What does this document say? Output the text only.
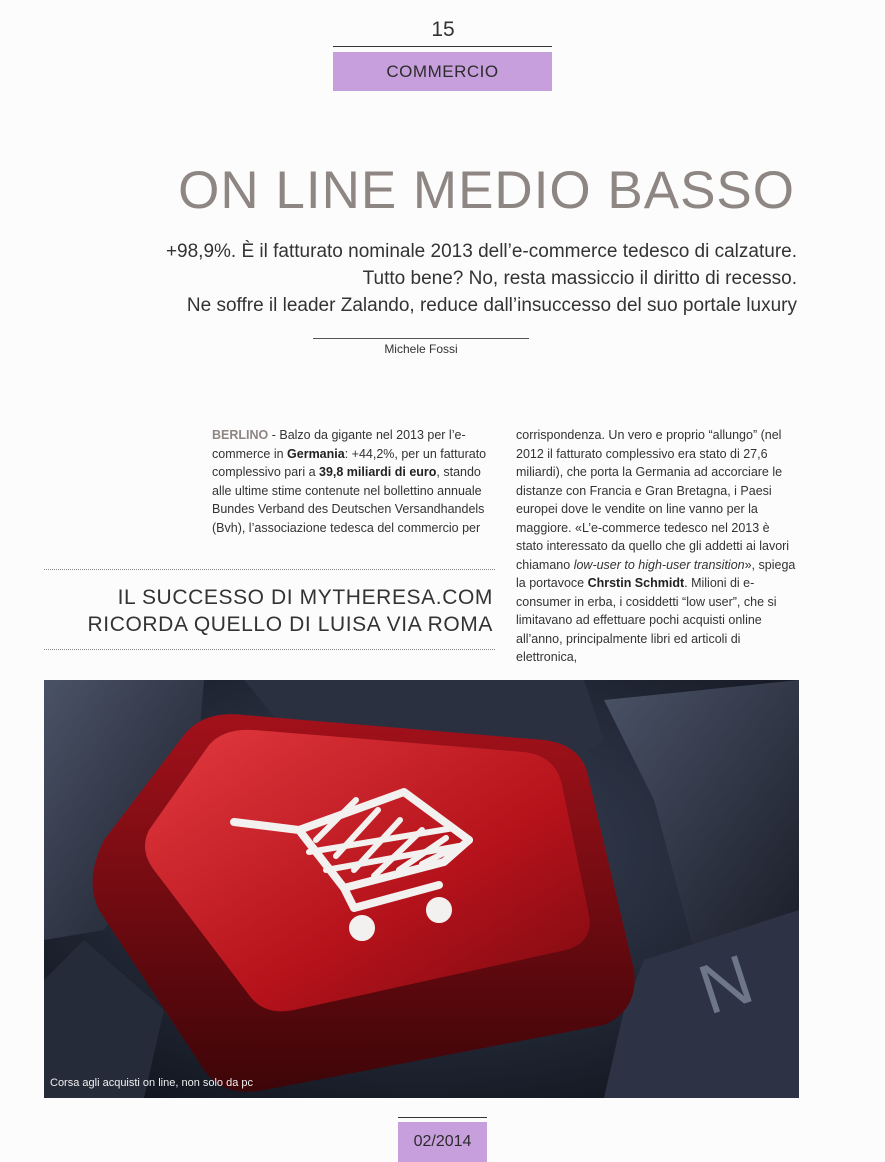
15
COMMERCIO
ON LINE MEDIO BASSO
+98,9%. È il fatturato nominale 2013 dell’e-commerce tedesco di calzature.
Tutto bene? No, resta massiccio il diritto di recesso.
Ne soffre il leader Zalando, reduce dall’insuccesso del suo portale luxury
Michele Fossi
BERLINO - Balzo da gigante nel 2013 per l’e-commerce in Germania: +44,2%, per un fatturato complessivo pari a 39,8 miliardi di euro, stando alle ultime stime contenute nel bollettino annuale Bundes Verband des Deutschen Versandhandels (Bvh), l’associazione tedesca del commercio per
corrispondenza. Un vero e proprio “allungo” (nel 2012 il fatturato complessivo era stato di 27,6 miliardi), che porta la Germania ad accorciare le distanze con Francia e Gran Bretagna, i Paesi europei dove le vendite on line vanno per la maggiore. «L’e-commerce tedesco nel 2013 è stato interessato da quello che gli addetti ai lavori chiamano low-user to high-user transition», spiega la portavoce Chrstin Schmidt. Milioni di e-consumer in erba, i cosiddetti “low user”, che si limitavano ad effettuare pochi acquisti online all’anno, principalmente libri ed articoli di elettronica,
IL SUCCESSO DI MYTHERESA.COM
RICORDA QUELLO DI LUISA VIA ROMA
N
Corsa agli acquisti on line, non solo da pc
02/2014
